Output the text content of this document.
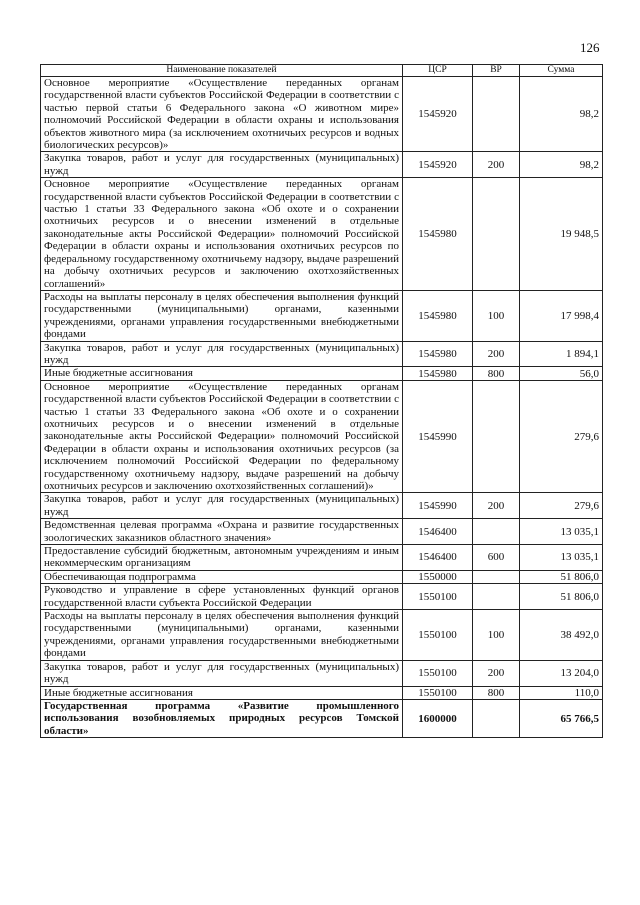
126
Наименование показателей	ЦСР	ВР	Сумма
Основное мероприятие «Осуществление переданных органам государственной власти субъектов Российской Федерации в соответствии с частью первой статьи 6 Федерального закона «О животном мире» полномочий Российской Федерации в области охраны и использования объектов животного мира (за исключением охотничьих ресурсов и водных биологических ресурсов)»	1545920		98,2
Закупка товаров, работ и услуг для государственных (муниципальных) нужд	1545920	200	98,2
Основное мероприятие «Осуществление переданных органам государственной власти субъектов Российской Федерации в соответствии с частью 1 статьи 33 Федерального закона «Об охоте и о сохранении охотничьих ресурсов и о внесении изменений в отдельные законодательные акты Российской Федерации» полномочий Российской Федерации в области охраны и использования охотничьих ресурсов по федеральному государственному охотничьему надзору, выдаче разрешений на добычу охотничьих ресурсов и заключению охотхозяйственных соглашений»	1545980		19 948,5
Расходы на выплаты персоналу в целях обеспечения выполнения функций государственными (муниципальными) органами, казенными учреждениями, органами управления государственными внебюджетными фондами	1545980	100	17 998,4
Закупка товаров, работ и услуг для государственных (муниципальных) нужд	1545980	200	1 894,1
Иные бюджетные ассигнования	1545980	800	56,0
Основное мероприятие «Осуществление переданных органам государственной власти субъектов Российской Федерации в соответствии с частью 1 статьи 33 Федерального закона «Об охоте и о сохранении охотничьих ресурсов и о внесении изменений в отдельные законодательные акты Российской Федерации» полномочий Российской Федерации в области охраны и использования охотничьих ресурсов (за исключением полномочий Российской Федерации по федеральному государственному охотничьему надзору, выдаче разрешений на добычу охотничьих ресурсов и заключению охотхозяйственных соглашений)»	1545990		279,6
Закупка товаров, работ и услуг для государственных (муниципальных) нужд	1545990	200	279,6
Ведомственная целевая программа «Охрана и развитие государственных зоологических заказников областного значения»	1546400		13 035,1
Предоставление субсидий бюджетным, автономным учреждениям и иным некоммерческим организациям	1546400	600	13 035,1
Обеспечивающая подпрограмма	1550000		51 806,0
Руководство и управление в сфере установленных функций органов государственной власти субъекта Российской Федерации	1550100		51 806,0
Расходы на выплаты персоналу в целях обеспечения выполнения функций государственными (муниципальными) органами, казенными учреждениями, органами управления государственными внебюджетными фондами	1550100	100	38 492,0
Закупка товаров, работ и услуг для государственных (муниципальных) нужд	1550100	200	13 204,0
Иные бюджетные ассигнования	1550100	800	110,0
Государственная программа «Развитие промышленного использования возобновляемых природных ресурсов Томской области»	1600000		65 766,5
